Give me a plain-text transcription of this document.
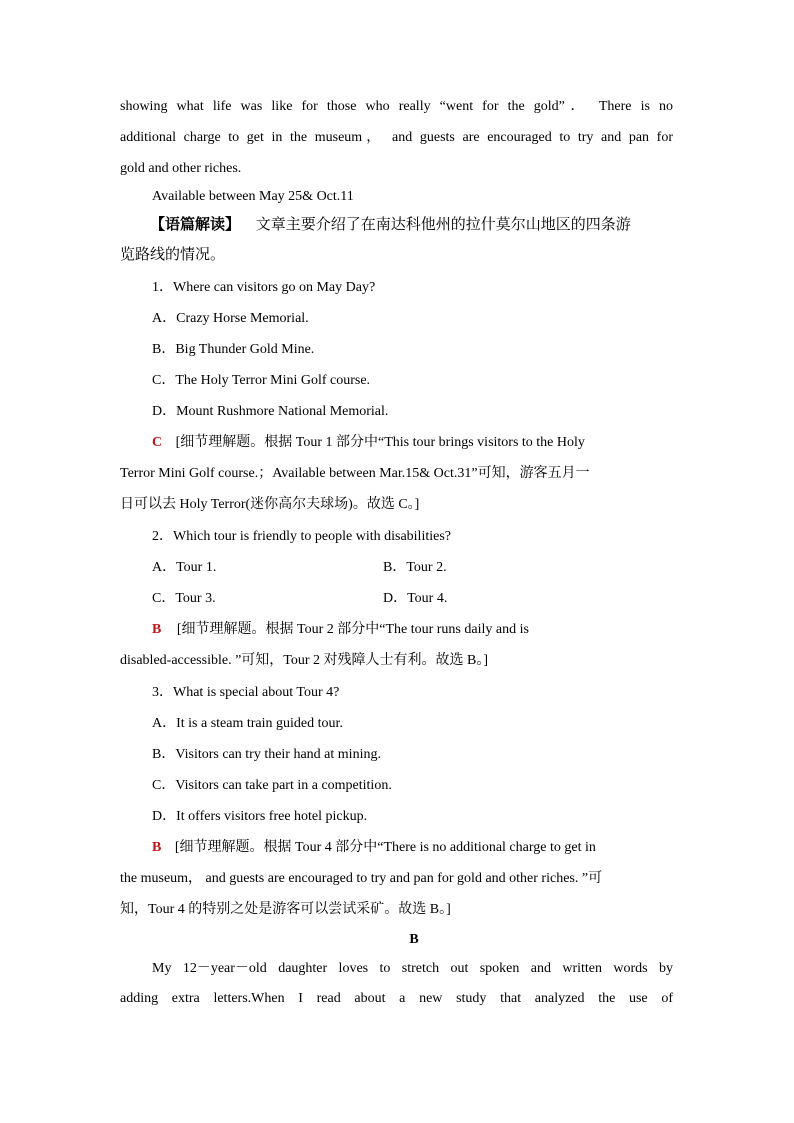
showing what life was like for those who really “went for the gold”． There is no
additional charge to get in the museum， and guests are encouraged to try and pan for
gold and other riches.
Available between May 25& Oct.11
【语篇解读】 文章主要介绍了在南达科他州的拉什莫尔山地区的四条游
览路线的情况。
1．Where can visitors go on May Day?
A．Crazy Horse Memorial.
B．Big Thunder Gold Mine.
C．The Holy Terror Mini Golf course.
D．Mount Rushmore National Memorial.
C [细节理解题。根据 Tour 1 部分中“This tour brings visitors to the Holy
Terror Mini Golf course.；Available between Mar.15& Oct.31”可知，游客五月一
日可以去 Holy Terror(迷你高尔夫球场)。故选 C。]
2．Which tour is friendly to people with disabilities?
A．Tour 1.	B．Tour 2.
C．Tour 3.	D．Tour 4.
B [细节理解题。根据 Tour 2 部分中“The tour runs daily and is
disabled-accessible. ”可知，Tour 2 对残障人士有利。故选 B。]
3．What is special about Tour 4?
A．It is a steam train guided tour.
B．Visitors can try their hand at mining.
C．Visitors can take part in a competition.
D．It offers visitors free hotel pickup.
B [细节理解题。根据 Tour 4 部分中“There is no additional charge to get in
the museum， and guests are encouraged to try and pan for gold and other riches. ”可
知，Tour 4 的特别之处是游客可以尝试采矿。故选 B。]
B
My 12－year－old daughter loves to stretch out spoken and written words by
adding extra letters.When I read about a new study that analyzed the use of
